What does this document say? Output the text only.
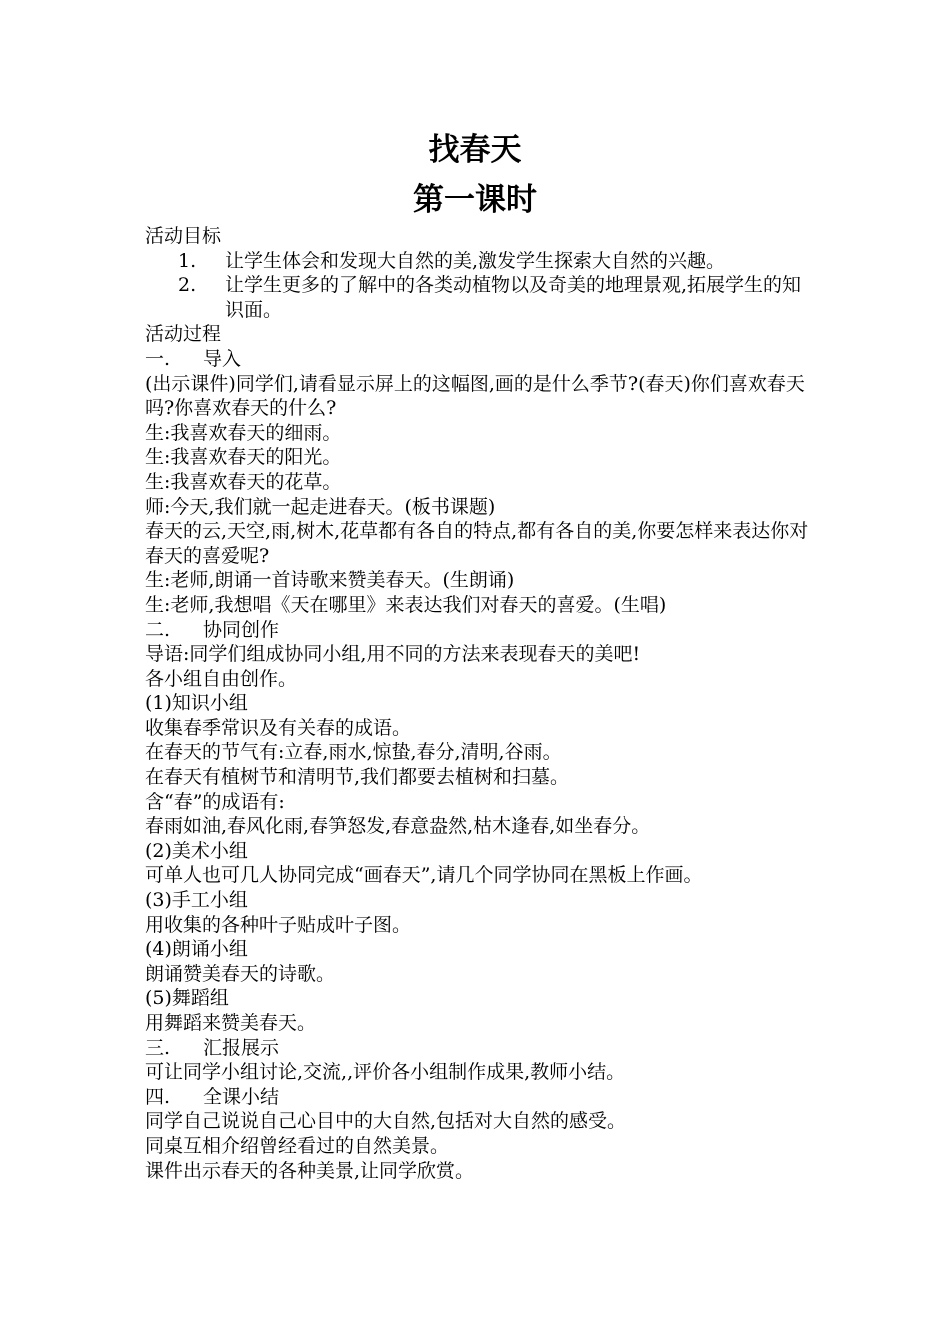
找春天
第一课时
活动目标
1.	让学生体会和发现大自然的美,激发学生探索大自然的兴趣。
2.	让学生更多的了解中的各类动植物以及奇美的地理景观,拓展学生的知识面。
活动过程
一. 导入
(出示课件)同学们,请看显示屏上的这幅图,画的是什么季节?(春天)你们喜欢春天吗?你喜欢春天的什么?
生:我喜欢春天的细雨。
生:我喜欢春天的阳光。
生:我喜欢春天的花草。
师:今天,我们就一起走进春天。(板书课题)
春天的云,天空,雨,树木,花草都有各自的特点,都有各自的美,你要怎样来表达你对春天的喜爱呢?
生:老师,朗诵一首诗歌来赞美春天。(生朗诵)
生:老师,我想唱《天在哪里》来表达我们对春天的喜爱。(生唱)
二. 协同创作
导语:同学们组成协同小组,用不同的方法来表现春天的美吧!
各小组自由创作。
(1)知识小组
收集春季常识及有关春的成语。
在春天的节气有:立春,雨水,惊蛰,春分,清明,谷雨。
在春天有植树节和清明节,我们都要去植树和扫墓。
含“春”的成语有:
春雨如油,春风化雨,春笋怒发,春意盎然,枯木逢春,如坐春分。
(2)美术小组
可单人也可几人协同完成“画春天”,请几个同学协同在黑板上作画。
(3)手工小组
用收集的各种叶子贴成叶子图。
(4)朗诵小组
朗诵赞美春天的诗歌。
(5)舞蹈组
用舞蹈来赞美春天。
三. 汇报展示
可让同学小组讨论,交流,,评价各小组制作成果,教师小结。
四. 全课小结
同学自己说说自己心目中的大自然,包括对大自然的感受。
同桌互相介绍曾经看过的自然美景。
课件出示春天的各种美景,让同学欣赏。
